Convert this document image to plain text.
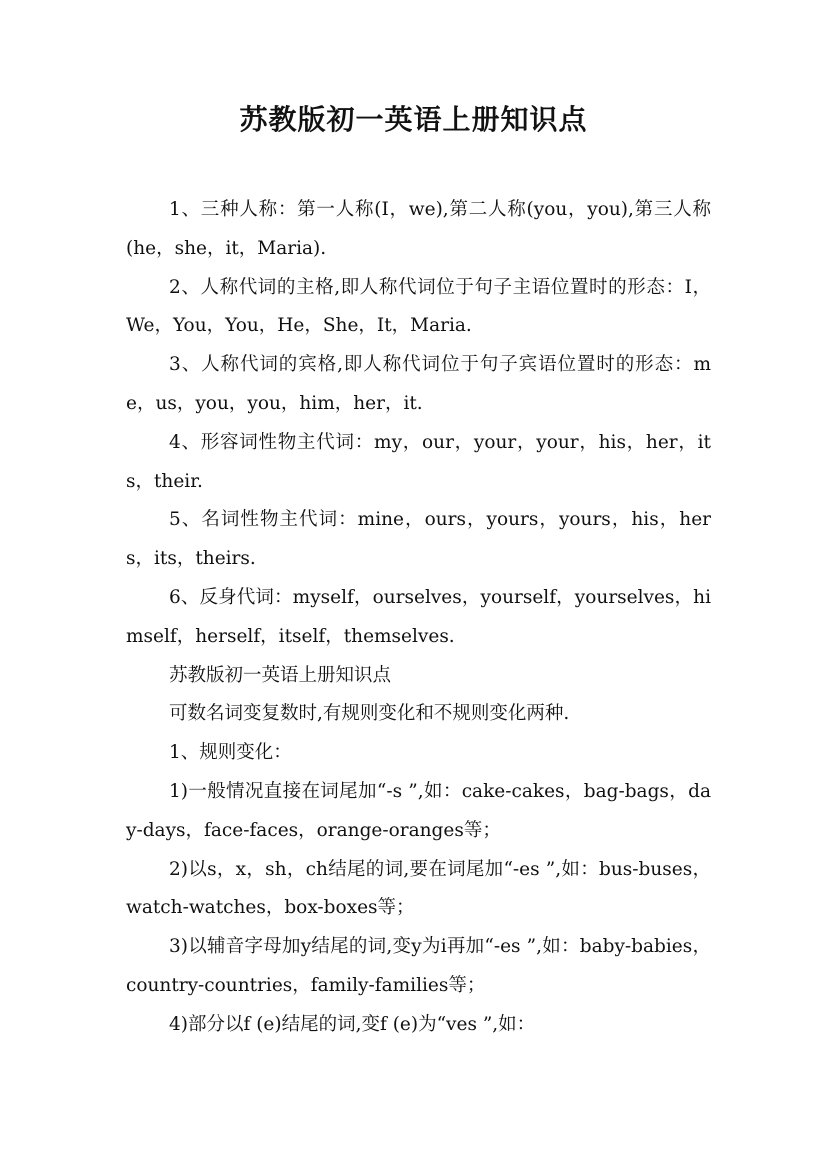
苏教版初一英语上册知识点

1、三种人称：第一人称(I，we),第二人称(you，you),第三人称(he，she，it，Maria).

2、人称代词的主格,即人称代词位于句子主语位置时的形态：I，We，You，You，He，She，It，Maria.

3、人称代词的宾格,即人称代词位于句子宾语位置时的形态：me，us，you，you，him，her，it.

4、形容词性物主代词：my，our，your，your，his，her，its，their.

5、名词性物主代词：mine，ours，yours，yours，his，hers，its，theirs.

6、反身代词：myself，ourselves，yourself，yourselves，himself，herself，itself，themselves.

苏教版初一英语上册知识点

可数名词变复数时,有规则变化和不规则变化两种.

1、规则变化：

1)一般情况直接在词尾加“-s ”,如：cake-cakes，bag-bags，day-days，face-faces，orange-oranges等；

2)以s，x，sh，ch结尾的词,要在词尾加“-es ”,如：bus-buses，watch-watches，box-boxes等；

3)以辅音字母加y结尾的词,变y为i再加“-es ”,如：baby-babies，country-countries，family-families等；

4)部分以f (e)结尾的词,变f (e)为“ves ”,如：
